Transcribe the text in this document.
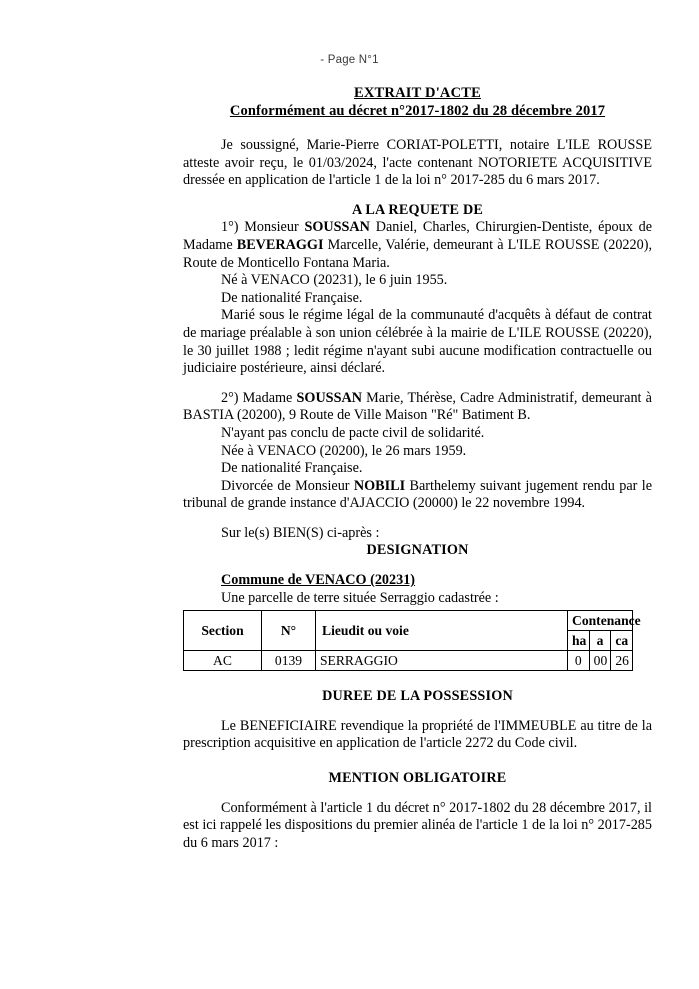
- Page N°1
EXTRAIT D'ACTE
Conformément au décret n°2017-1802 du 28 décembre 2017

Je soussigné, Marie-Pierre CORIAT-POLETTI, notaire L'ILE ROUSSE atteste avoir reçu, le 01/03/2024, l'acte contenant NOTORIETE ACQUISITIVE dressée en application de l'article 1 de la loi n° 2017-285 du 6 mars 2017.

A LA REQUETE DE

1°) Monsieur SOUSSAN Daniel, Charles, Chirurgien-Dentiste, époux de Madame BEVERAGGI Marcelle, Valérie, demeurant à L'ILE ROUSSE (20220), Route de Monticello Fontana Maria.

Né à VENACO (20231), le 6 juin 1955.

De nationalité Française.

Marié sous le régime légal de la communauté d'acquêts à défaut de contrat de mariage préalable à son union célébrée à la mairie de L'ILE ROUSSE (20220), le 30 juillet 1988 ; ledit régime n'ayant subi aucune modification contractuelle ou judiciaire postérieure, ainsi déclaré.

2°) Madame SOUSSAN Marie, Thérèse, Cadre Administratif, demeurant à BASTIA (20200), 9 Route de Ville Maison "Ré" Batiment B.

N'ayant pas conclu de pacte civil de solidarité.

Née à VENACO (20200), le 26 mars 1959.

De nationalité Française.

Divorcée de Monsieur NOBILI Barthelemy suivant jugement rendu par le tribunal de grande instance d'AJACCIO (20000) le 22 novembre 1994.

Sur le(s) BIEN(S) ci-après :

DESIGNATION
Commune de VENACO (20231)

Une parcelle de terre située Serraggio cadastrée :

Section	N°	Lieudit ou voie	Contenance		
			ha	a	ca
AC	0139	SERRAGGIO	0	00	26
DUREE DE LA POSSESSION

Le BENEFICIAIRE revendique la propriété de l'IMMEUBLE au titre de la prescription acquisitive en application de l'article 2272 du Code civil.

MENTION OBLIGATOIRE

Conformément à l'article 1 du décret n° 2017-1802 du 28 décembre 2017, il est ici rappelé les dispositions du premier alinéa de l'article 1 de la loi n° 2017-285 du 6 mars 2017 :
